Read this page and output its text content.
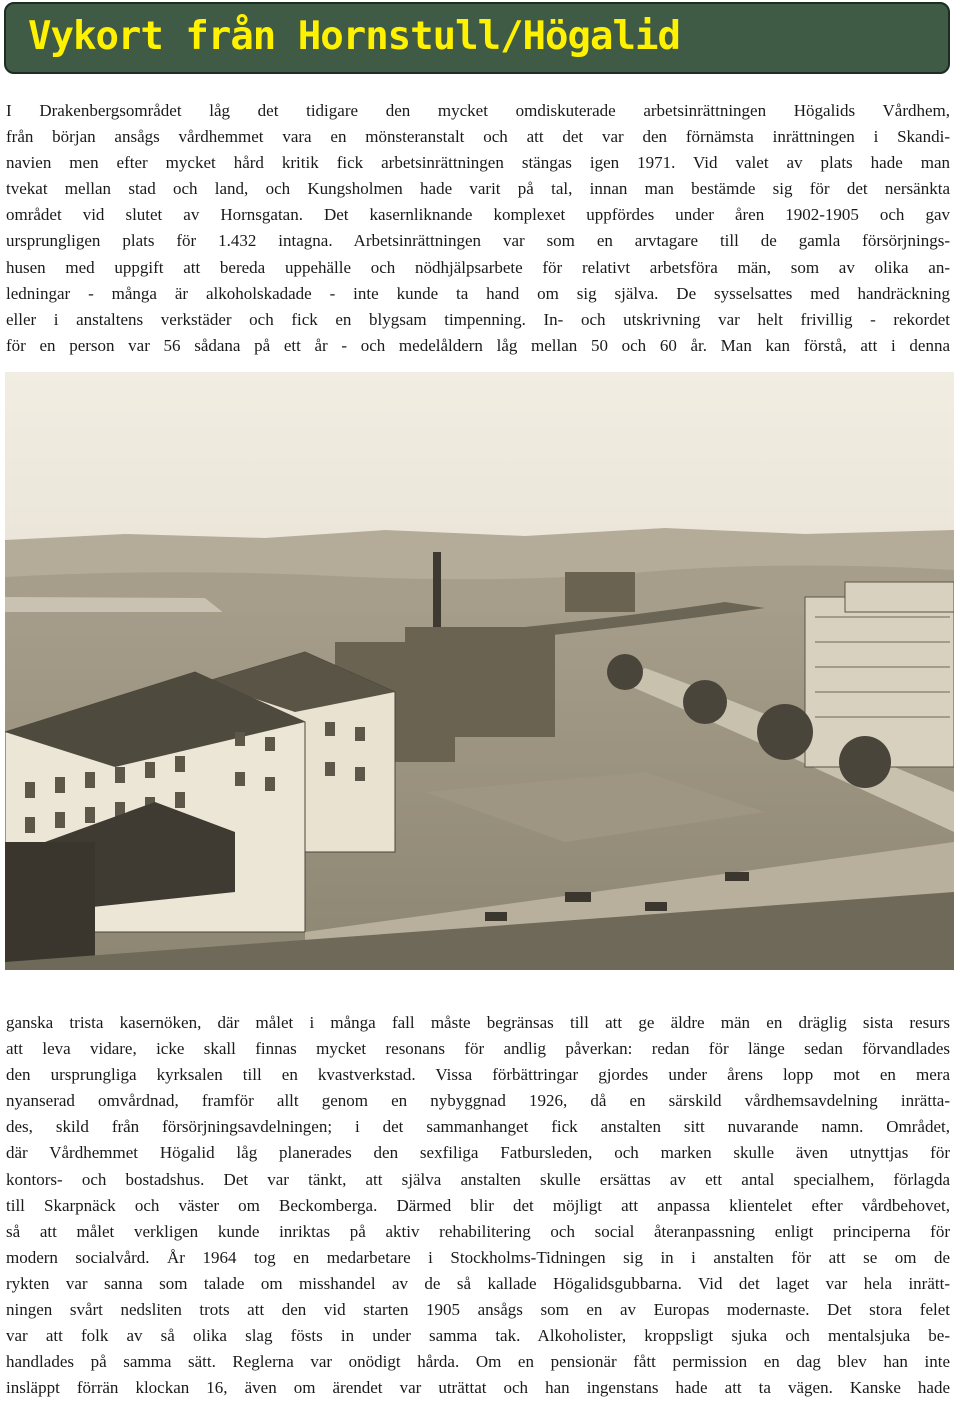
Vykort från Hornstull/Högalid
I Drakenbergsområdet låg det tidigare den mycket omdiskuterade arbetsinrättningen Högalids Vårdhem,
från början ansågs vårdhemmet vara en mönsteranstalt och att det var den förnämsta inrättningen i Skandi-
navien men efter mycket hård kritik fick arbetsinrättningen stängas igen 1971. Vid valet av plats hade man
tvekat mellan stad och land, och Kungsholmen hade varit på tal, innan man bestämde sig för det nersänkta
området vid slutet av Hornsgatan. Det kasernliknande komplexet uppfördes under åren 1902-1905 och gav
ursprungligen plats för 1.432 intagna. Arbetsinrättningen var som en arvtagare till de gamla försörjnings-
husen med uppgift att bereda uppehälle och nödhjälpsarbete för relativt arbetsföra män, som av olika an-
ledningar - många är alkoholskadade - inte kunde ta hand om sig själva. De sysselsattes med handräckning
eller i anstaltens verkstäder och fick en blygsam timpenning. In- och utskrivning var helt frivillig - rekordet
för en person var 56 sådana på ett år - och medelåldern låg mellan 50 och 60 år. Man kan förstå, att i denna
ganska trista kasernöken, där målet i många fall måste begränsas till att ge äldre män en dräglig sista resurs
att leva vidare, icke skall finnas mycket resonans för andlig påverkan: redan för länge sedan förvandlades
den ursprungliga kyrksalen till en kvastverkstad. Vissa förbättringar gjordes under årens lopp mot en mera
nyanserad omvårdnad, framför allt genom en nybyggnad 1926, då en särskild vårdhemsavdelning inrätta-
des, skild från försörjningsavdelningen; i det sammanhanget fick anstalten sitt nuvarande namn. Området,
där Vårdhemmet Högalid låg planerades den sexfiliga Fatbursleden, och marken skulle även utnyttjas för
kontors- och bostadshus. Det var tänkt, att själva anstalten skulle ersättas av ett antal specialhem, förlagda
till Skarpnäck och väster om Beckomberga. Därmed blir det möjligt att anpassa klientelet efter vårdbehovet,
så att målet verkligen kunde inriktas på aktiv rehabilitering och social återanpassning enligt principerna för
modern socialvård. År 1964 tog en medarbetare i Stockholms-Tidningen sig in i anstalten för att se om de
rykten var sanna som talade om misshandel av de så kallade Högalidsgubbarna. Vid det laget var hela inrätt-
ningen svårt nedsliten trots att den vid starten 1905 ansågs som en av Europas modernaste. Det stora felet
var att folk av så olika slag fösts in under samma tak. Alkoholister, kroppsligt sjuka och mentalsjuka be-
handlades på samma sätt. Reglerna var onödigt hårda. Om en pensionär fått permission en dag blev han inte
insläppt förrän klockan 16, även om ärendet var uträttat och han ingenstans hade att ta vägen. Kanske hade
